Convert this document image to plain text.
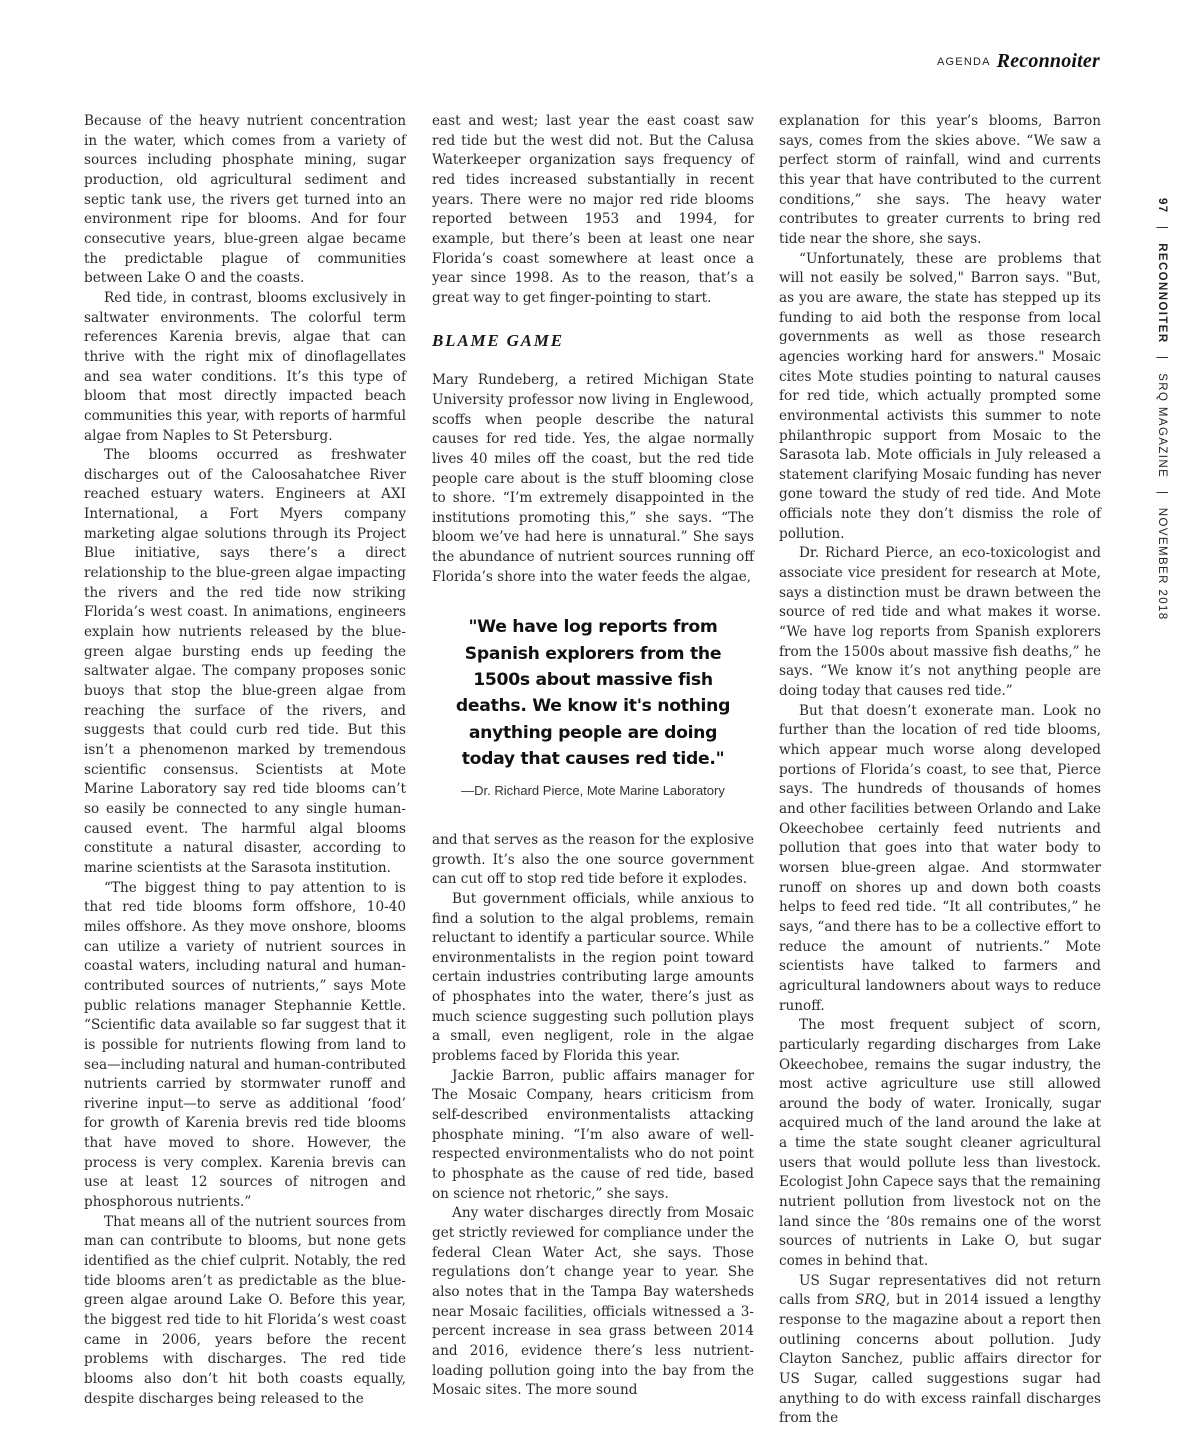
AGENDA Reconnoiter
97 | RECONNOITER | SRQ MAGAZINE | NOVEMBER 2018

Because of the heavy nutrient concentration in the water, which comes from a variety of sources including phosphate mining, sugar production, old agricultural sediment and septic tank use, the rivers get turned into an environment ripe for blooms. And for four consecutive years, blue-green algae became the predictable plague of communities between Lake O and the coasts.

Red tide, in contrast, blooms exclusively in saltwater environments. The colorful term references Karenia brevis, algae that can thrive with the right mix of dinoflagellates and sea water conditions. It’s this type of bloom that most directly impacted beach communities this year, with reports of harmful algae from Naples to St Petersburg.

The blooms occurred as freshwater discharges out of the Caloosahatchee River reached estuary waters. Engineers at AXI International, a Fort Myers company marketing algae solutions through its Project Blue initiative, says there’s a direct relationship to the blue-green algae impacting the rivers and the red tide now striking Florida’s west coast. In animations, engineers explain how nutrients released by the blue-green algae bursting ends up feeding the saltwater algae. The company proposes sonic buoys that stop the blue-green algae from reaching the surface of the rivers, and suggests that could curb red tide. But this isn’t a phenomenon marked by tremendous scientific consensus. Scientists at Mote Marine Laboratory say red tide blooms can’t so easily be connected to any single human-caused event. The harmful algal blooms constitute a natural disaster, according to marine scientists at the Sarasota institution.

“The biggest thing to pay attention to is that red tide blooms form offshore, 10-40 miles offshore. As they move onshore, blooms can utilize a variety of nutrient sources in coastal waters, including natural and human-contributed sources of nutrients,” says Mote public relations manager Stephannie Kettle. “Scientific data available so far suggest that it is possible for nutrients flowing from land to sea—including natural and human-contributed nutrients carried by stormwater runoff and riverine input—to serve as additional ‘food’ for growth of Karenia brevis red tide blooms that have moved to shore. However, the process is very complex. Karenia brevis can use at least 12 sources of nitrogen and phosphorous nutrients.”

That means all of the nutrient sources from man can contribute to blooms, but none gets identified as the chief culprit. Notably, the red tide blooms aren’t as predictable as the blue-green algae around Lake O. Before this year, the biggest red tide to hit Florida’s west coast came in 2006, years before the recent problems with discharges. The red tide blooms also don’t hit both coasts equally, despite discharges being released to the

east and west; last year the east coast saw red tide but the west did not. But the Calusa Waterkeeper organization says frequency of red tides increased substantially in recent years. There were no major red ride blooms reported between 1953 and 1994, for example, but there’s been at least one near Florida’s coast somewhere at least once a year since 1998. As to the reason, that’s a great way to get finger-pointing to start.

BLAME GAME

Mary Rundeberg, a retired Michigan State University professor now living in Englewood, scoffs when people describe the natural causes for red tide. Yes, the algae normally lives 40 miles off the coast, but the red tide people care about is the stuff blooming close to shore. “I’m extremely disappointed in the institutions promoting this,” she says. “The bloom we’ve had here is unnatural.” She says the abundance of nutrient sources running off Florida’s shore into the water feeds the algae,

"We have log reports from Spanish explorers from the 1500s about massive fish deaths. We know it's nothing anything people are doing today that causes red tide."
—Dr. Richard Pierce, Mote Marine Laboratory

and that serves as the reason for the explosive growth. It’s also the one source government can cut off to stop red tide before it explodes.

But government officials, while anxious to find a solution to the algal problems, remain reluctant to identify a particular source. While environmentalists in the region point toward certain industries contributing large amounts of phosphates into the water, there’s just as much science suggesting such pollution plays a small, even negligent, role in the algae problems faced by Florida this year.

Jackie Barron, public affairs manager for The Mosaic Company, hears criticism from self-described environmentalists attacking phosphate mining. “I’m also aware of well-respected environmentalists who do not point to phosphate as the cause of red tide, based on science not rhetoric,” she says.

Any water discharges directly from Mosaic get strictly reviewed for compliance under the federal Clean Water Act, she says. Those regulations don’t change year to year. She also notes that in the Tampa Bay watersheds near Mosaic facilities, officials witnessed a 3-percent increase in sea grass between 2014 and 2016, evidence there’s less nutrient-loading pollution going into the bay from the Mosaic sites. The more sound

explanation for this year’s blooms, Barron says, comes from the skies above. “We saw a perfect storm of rainfall, wind and currents this year that have contributed to the current conditions,” she says. The heavy water contributes to greater currents to bring red tide near the shore, she says.

“Unfortunately, these are problems that will not easily be solved," Barron says. "But, as you are aware, the state has stepped up its funding to aid both the response from local governments as well as those research agencies working hard for answers." Mosaic cites Mote studies pointing to natural causes for red tide, which actually prompted some environmental activists this summer to note philanthropic support from Mosaic to the Sarasota lab. Mote officials in July released a statement clarifying Mosaic funding has never gone toward the study of red tide. And Mote officials note they don’t dismiss the role of pollution.

Dr. Richard Pierce, an eco-toxicologist and associate vice president for research at Mote, says a distinction must be drawn between the source of red tide and what makes it worse. “We have log reports from Spanish explorers from the 1500s about massive fish deaths,” he says. “We know it’s not anything people are doing today that causes red tide.”

But that doesn’t exonerate man. Look no further than the location of red tide blooms, which appear much worse along developed portions of Florida’s coast, to see that, Pierce says. The hundreds of thousands of homes and other facilities between Orlando and Lake Okeechobee certainly feed nutrients and pollution that goes into that water body to worsen blue-green algae. And stormwater runoff on shores up and down both coasts helps to feed red tide. “It all contributes,” he says, “and there has to be a collective effort to reduce the amount of nutrients.” Mote scientists have talked to farmers and agricultural landowners about ways to reduce runoff.

The most frequent subject of scorn, particularly regarding discharges from Lake Okeechobee, remains the sugar industry, the most active agriculture use still allowed around the body of water. Ironically, sugar acquired much of the land around the lake at a time the state sought cleaner agricultural users that would pollute less than livestock. Ecologist John Capece says that the remaining nutrient pollution from livestock not on the land since the ‘80s remains one of the worst sources of nutrients in Lake O, but sugar comes in behind that.

US Sugar representatives did not return calls from SRQ, but in 2014 issued a lengthy response to the magazine about a report then outlining concerns about pollution. Judy Clayton Sanchez, public affairs director for US Sugar, called suggestions sugar had anything to do with excess rainfall discharges from the
